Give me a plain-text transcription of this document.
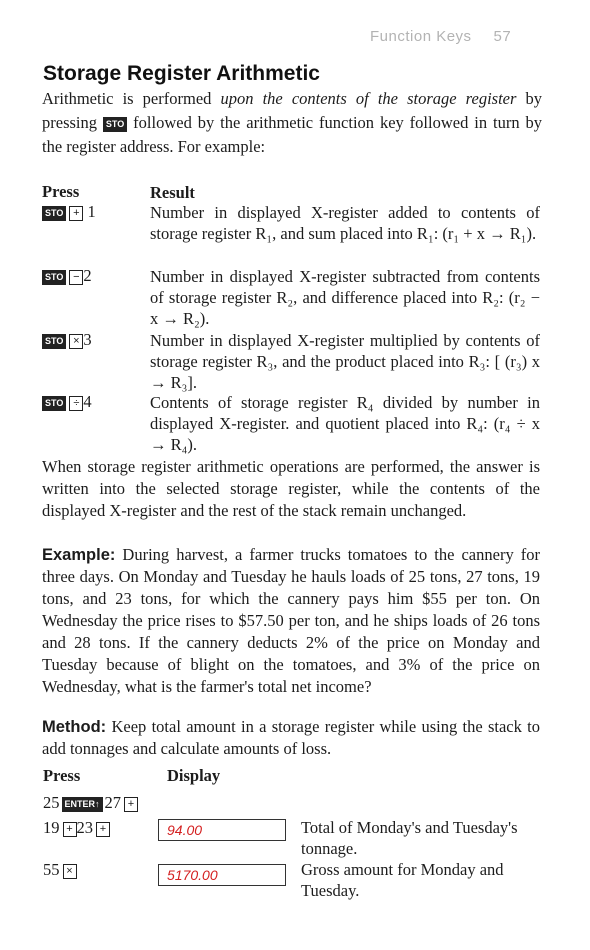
Function Keys 57
Storage Register Arithmetic
Arithmetic is performed upon the contents of the storage register by pressing STO followed by the arithmetic function key followed in turn by the register address. For example:
Press	Result
STO + 1	Number in displayed X-register added to contents of storage register R₁, and sum placed into R₁: (r₁ + x → R₁).
STO − 2	Number in displayed X-register subtracted from contents of storage register R₂, and difference placed into R₂: (r₂ − x → R₂).
STO × 3	Number in displayed X-register multiplied by contents of storage register R₃, and the product placed into R₃: [ (r₃) x → R₃].
STO ÷ 4	Contents of storage register R₄ divided by number in displayed X-register. and quotient placed into R₄: (r₄ ÷ x → R₄).
When storage register arithmetic operations are performed, the answer is written into the selected storage register, while the contents of the displayed X-register and the rest of the stack remain unchanged.
Example: During harvest, a farmer trucks tomatoes to the cannery for three days. On Monday and Tuesday he hauls loads of 25 tons, 27 tons, 19 tons, and 23 tons, for which the cannery pays him $55 per ton. On Wednesday the price rises to $57.50 per ton, and he ships loads of 26 tons and 28 tons. If the cannery deducts 2% of the price on Monday and Tuesday because of blight on the tomatoes, and 3% of the price on Wednesday, what is the farmer's total net income?
Method: Keep total amount in a storage register while using the stack to add tonnages and calculate amounts of loss.
Press	Display
25 ENTER↑ 27 +
19 + 23 +	94.00	Total of Monday's and Tuesday's tonnage.
55 ×	5170.00	Gross amount for Monday and Tuesday.
